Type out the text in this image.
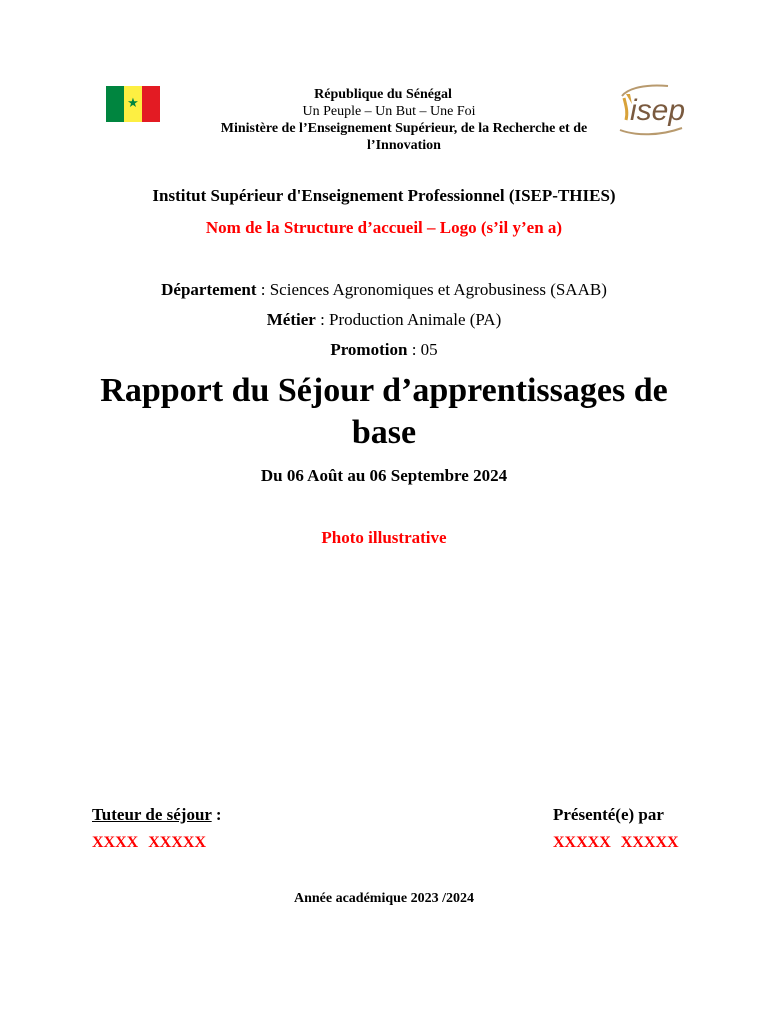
★
République du Sénégal
Un Peuple – Un But – Une Foi
Ministère de l’Enseignement Supérieur, de la Recherche et de l’Innovation
isep
Institut Supérieur d'Enseignement Professionnel (ISEP-THIES)
Nom de la Structure d’accueil – Logo (s’il y’en a)
Département : Sciences Agronomiques et Agrobusiness (SAAB)
Métier : Production Animale (PA)
Promotion : 05
Rapport du Séjour d’apprentissages de base
Du 06 Août au 06 Septembre 2024
Photo illustrative
Tuteur de séjour :
XXXX XXXXX
Présenté(e) par
XXXXX XXXXX
Année académique 2023 /2024
